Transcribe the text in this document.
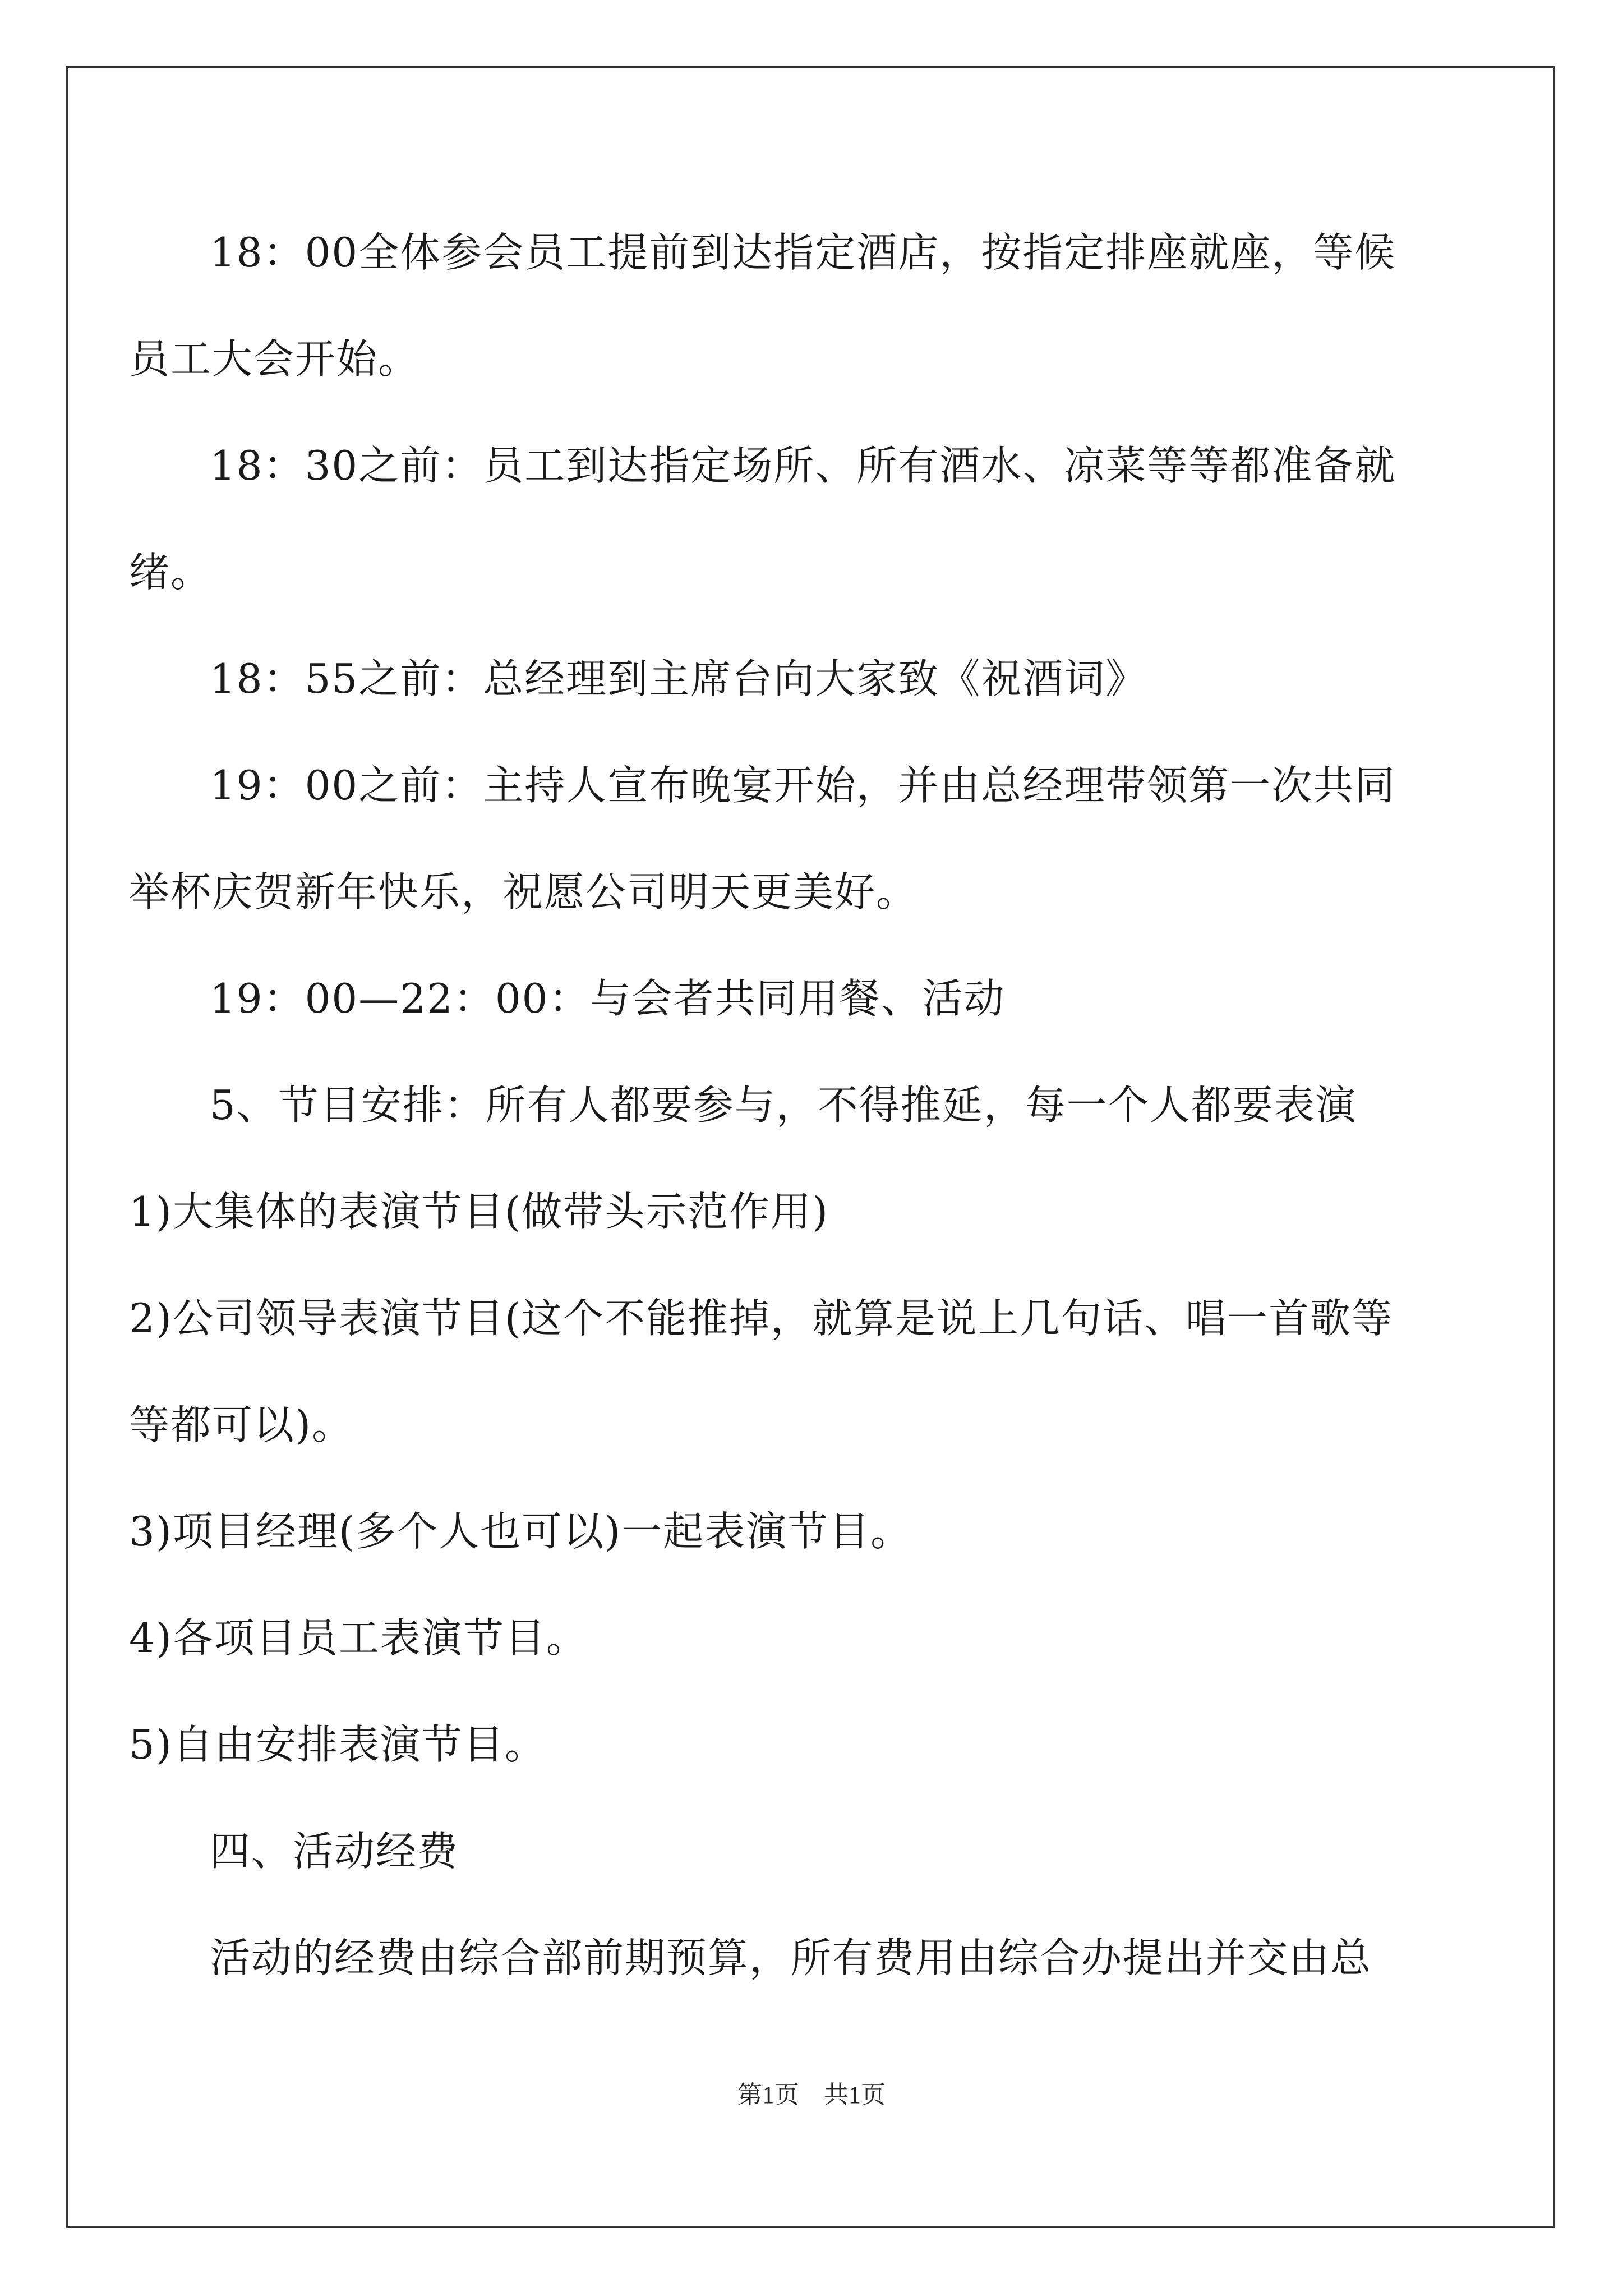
18：00全体参会员工提前到达指定酒店，按指定排座就座，等候
员工大会开始。
18：30之前：员工到达指定场所、所有酒水、凉菜等等都准备就
绪。
18：55之前：总经理到主席台向大家致《祝酒词》
19：00之前：主持人宣布晚宴开始，并由总经理带领第一次共同
举杯庆贺新年快乐，祝愿公司明天更美好。
19：00—22：00：与会者共同用餐、活动
5、节目安排：所有人都要参与，不得推延，每一个人都要表演
1)大集体的表演节目(做带头示范作用)
2)公司领导表演节目(这个不能推掉，就算是说上几句话、唱一首歌等
等都可以)。
3)项目经理(多个人也可以)一起表演节目。
4)各项目员工表演节目。
5)自由安排表演节目。
四、活动经费
活动的经费由综合部前期预算，所有费用由综合办提出并交由总
第1页　共1页
